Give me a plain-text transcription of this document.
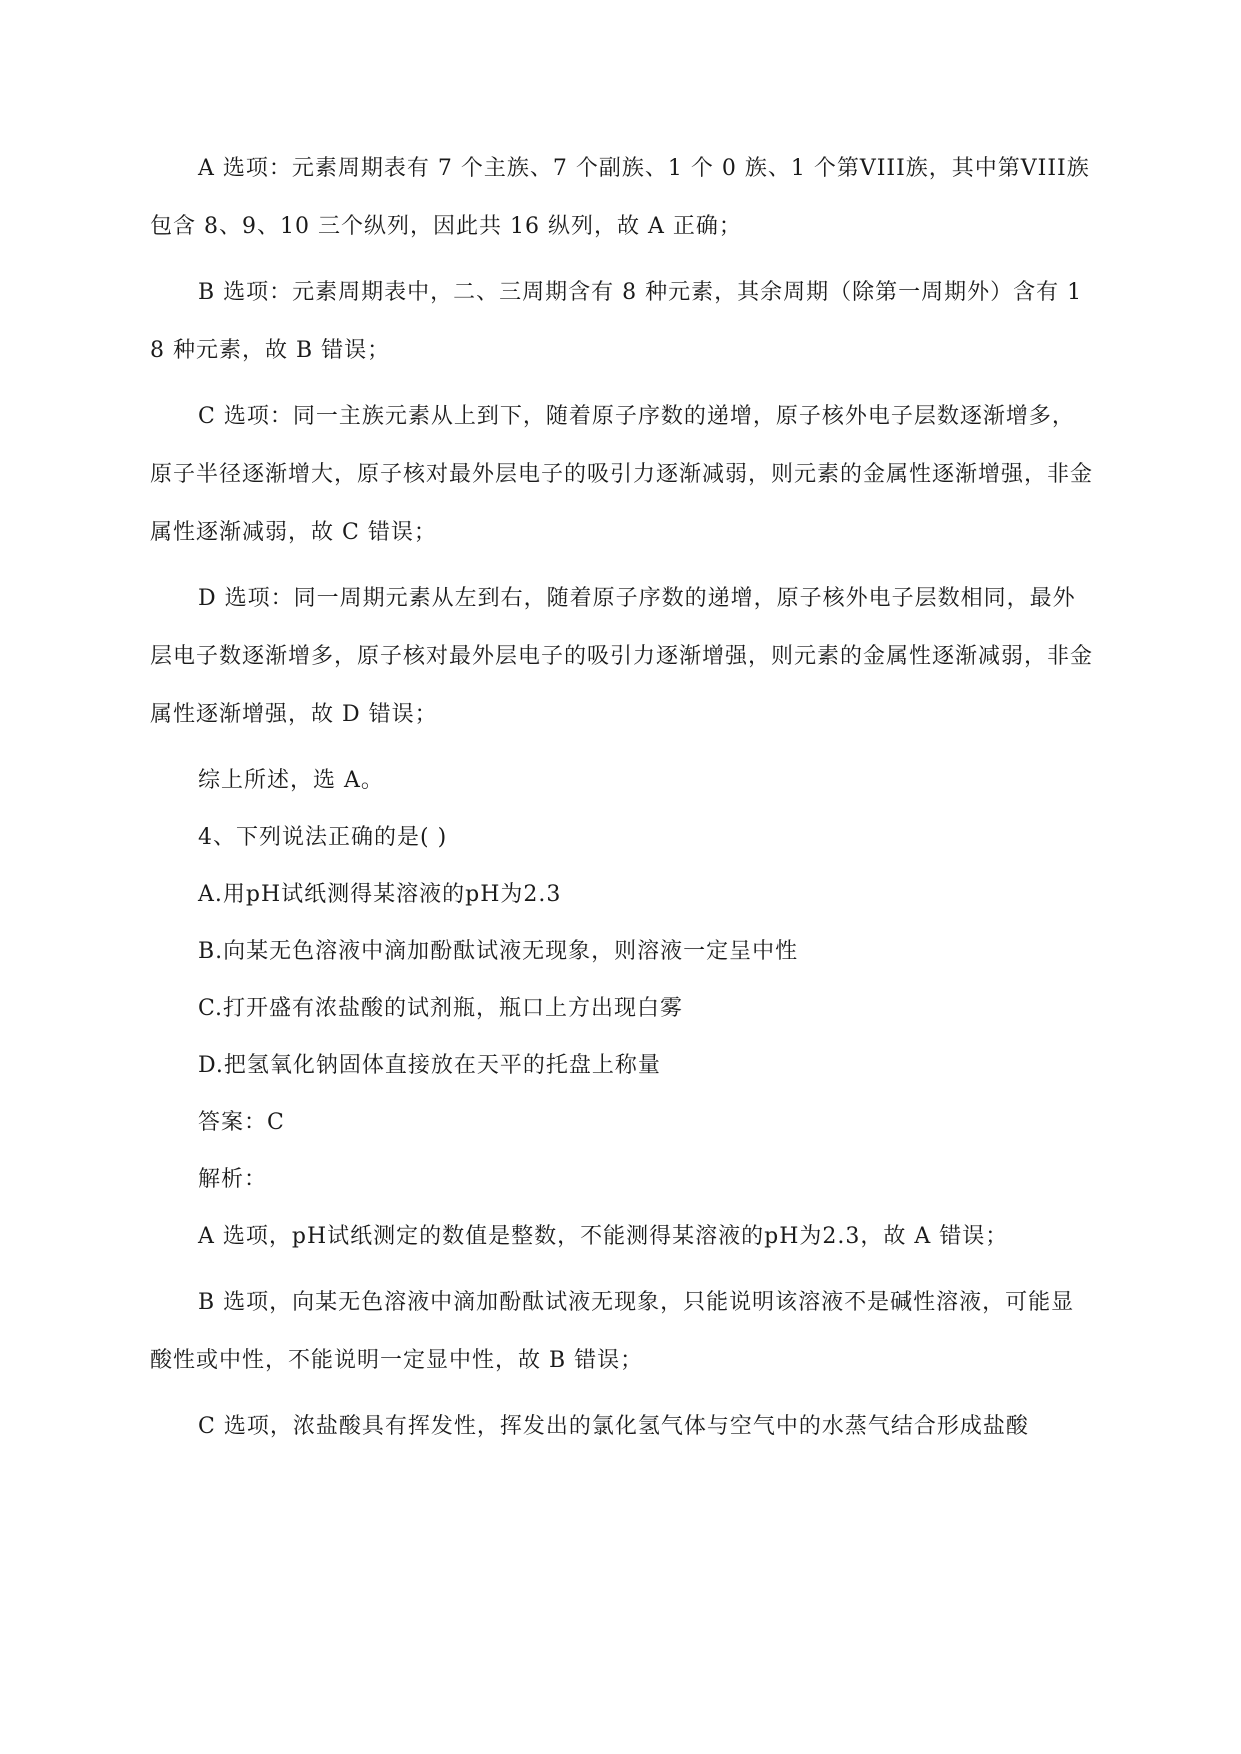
A 选项：元素周期表有 7 个主族、7 个副族、1 个 0 族、1 个第VIII族，其中第VIII族包含 8、9、10 三个纵列，因此共 16 纵列，故 A 正确；

B 选项：元素周期表中，二、三周期含有 8 种元素，其余周期（除第一周期外）含有 18 种元素，故 B 错误；

C 选项：同一主族元素从上到下，随着原子序数的递增，原子核外电子层数逐渐增多，原子半径逐渐增大，原子核对最外层电子的吸引力逐渐减弱，则元素的金属性逐渐增强，非金属性逐渐减弱，故 C 错误；

D 选项：同一周期元素从左到右，随着原子序数的递增，原子核外电子层数相同，最外层电子数逐渐增多，原子核对最外层电子的吸引力逐渐增强，则元素的金属性逐渐减弱，非金属性逐渐增强，故 D 错误；

综上所述，选 A。

4、下列说法正确的是( )

A.用pH试纸测得某溶液的pH为2.3

B.向某无色溶液中滴加酚酞试液无现象，则溶液一定呈中性

C.打开盛有浓盐酸的试剂瓶，瓶口上方出现白雾

D.把氢氧化钠固体直接放在天平的托盘上称量

答案：C

解析：

A 选项，pH试纸测定的数值是整数，不能测得某溶液的pH为2.3，故 A 错误；

B 选项，向某无色溶液中滴加酚酞试液无现象，只能说明该溶液不是碱性溶液，可能显酸性或中性，不能说明一定显中性，故 B 错误；

C 选项，浓盐酸具有挥发性，挥发出的氯化氢气体与空气中的水蒸气结合形成盐酸
